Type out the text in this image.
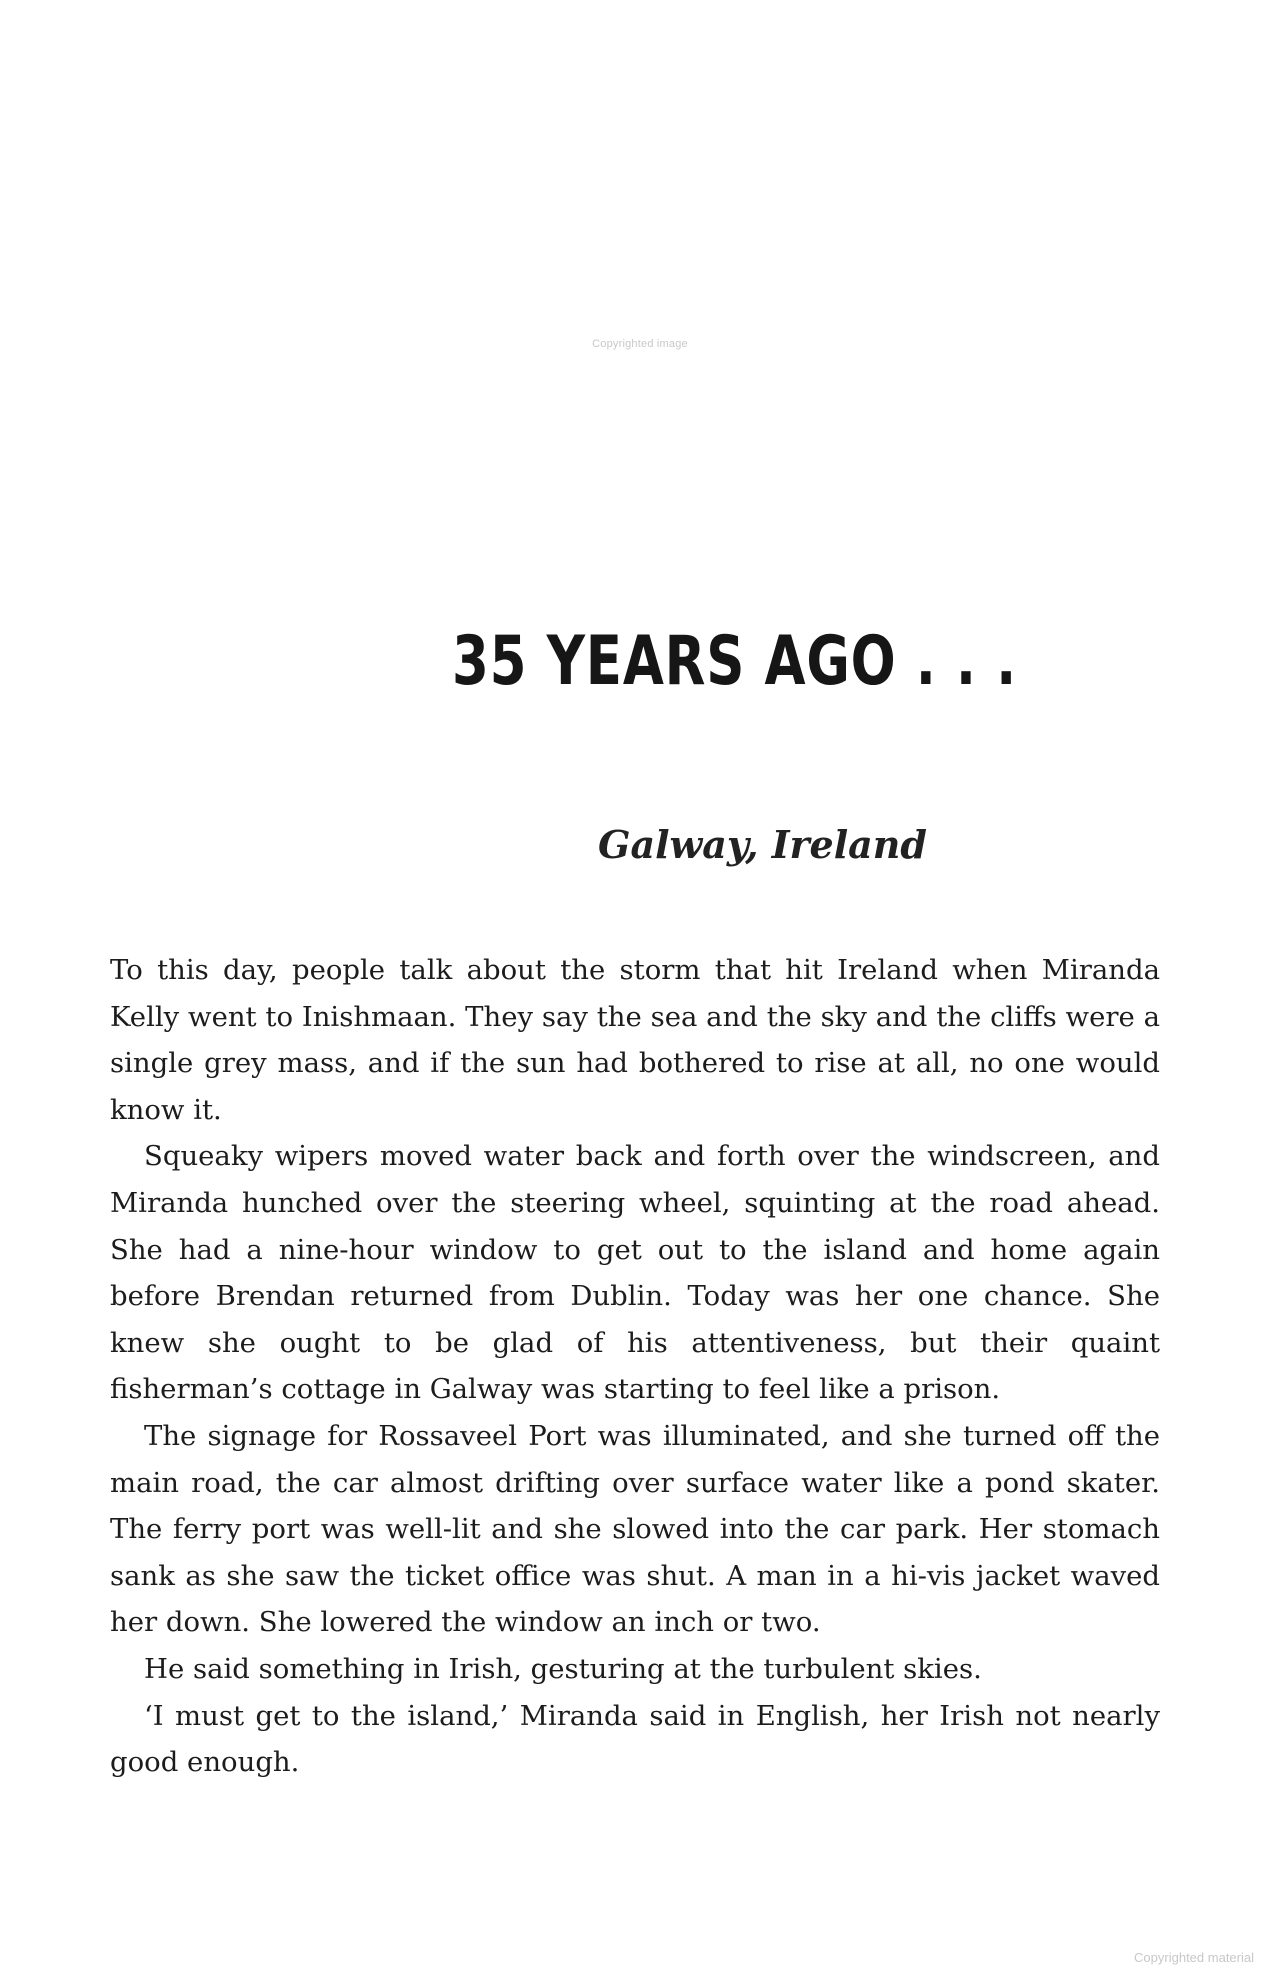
Copyrighted image
35 YEARS AGO . . .
Galway, Ireland

To this day, people talk about the storm that hit Ireland when Miranda Kelly went to Inishmaan. They say the sea and the sky and the cliffs were a single grey mass, and if the sun had bothered to rise at all, no one would know it.

Squeaky wipers moved water back and forth over the windscreen, and Miranda hunched over the steering wheel, squinting at the road ahead. She had a nine-hour window to get out to the island and home again before Brendan returned from Dublin. Today was her one chance. She knew she ought to be glad of his attentiveness, but their quaint fisherman’s cottage in Galway was starting to feel like a prison.

The signage for Rossaveel Port was illuminated, and she turned off the main road, the car almost drifting over surface water like a pond skater. The ferry port was well-lit and she slowed into the car park. Her stomach sank as she saw the ticket office was shut. A man in a hi-vis jacket waved her down. She lowered the window an inch or two.

He said something in Irish, gesturing at the turbulent skies.

‘I must get to the island,’ Miranda said in English, her Irish not nearly good enough.

Copyrighted material
